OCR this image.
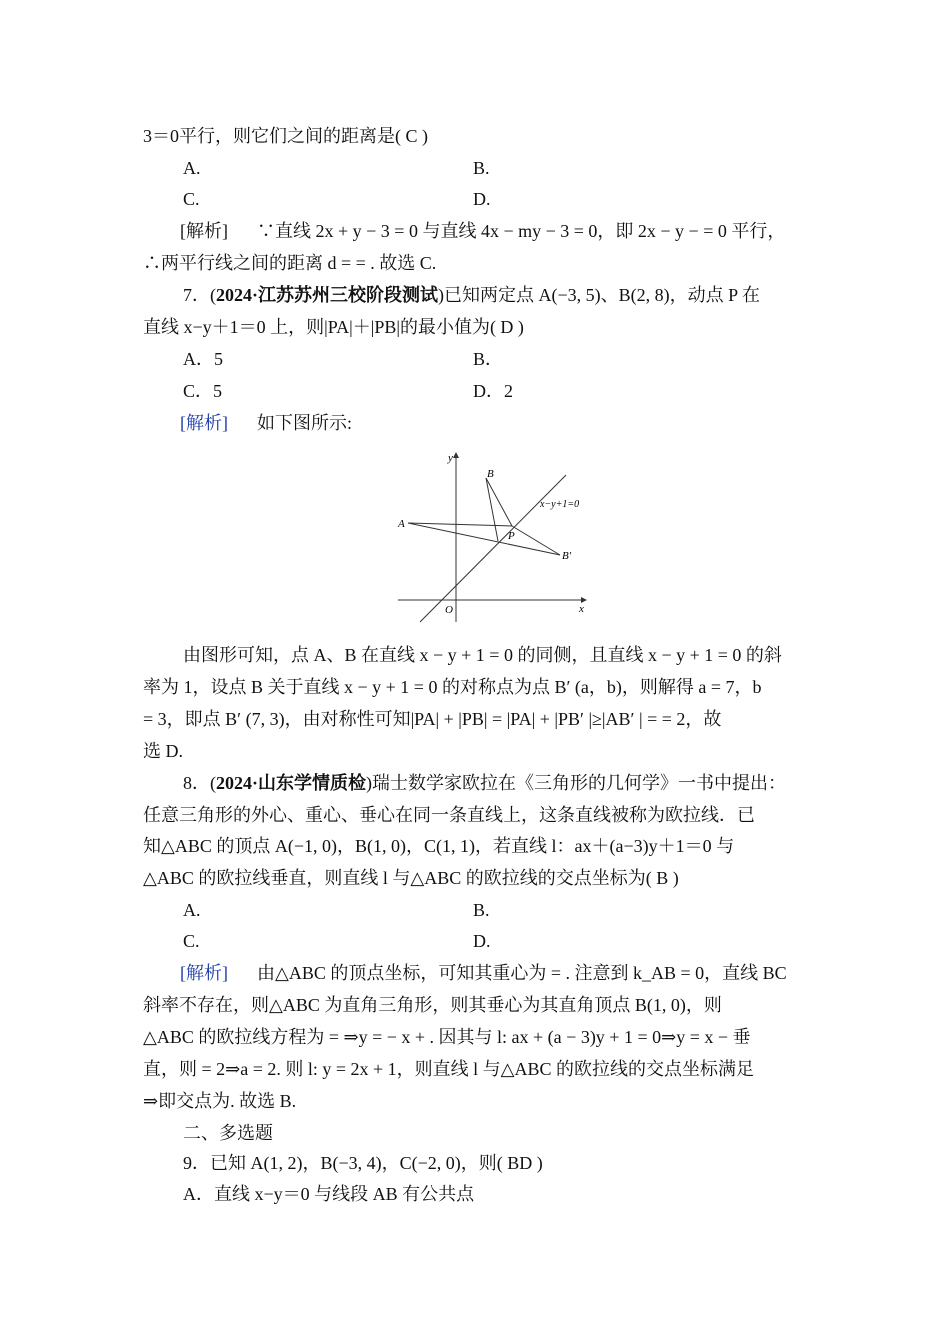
3＝0平行，则它们之间的距离是( C )
A.	B.
C.	D.
[解析] ∵直线 2x + y − 3 = 0 与直线 4x − my − 3 = 0，即 2x − y − = 0 平行，
∴两平行线之间的距离 d = = . 故选 C.
7．(2024·江苏苏州三校阶段测试)已知两定点 A(−3, 5)、B(2, 8)，动点 P 在
直线 x−y＋1＝0 上，则|PA|＋|PB|的最小值为( D )
A．5	B．
C．5	D．2
[解析] 如下图所示:
y
x
O
A
B
P
B′
x−y+1=0
由图形可知，点 A、B 在直线 x − y + 1 = 0 的同侧，且直线 x − y + 1 = 0 的斜
率为 1，设点 B 关于直线 x − y + 1 = 0 的对称点为点 B′ (a，b)，则解得 a = 7，b
= 3，即点 B′ (7, 3)，由对称性可知|PA| + |PB| = |PA| + |PB′ |≥|AB′ | = = 2，故
选 D.
8．(2024·山东学情质检)瑞士数学家欧拉在《三角形的几何学》一书中提出：
任意三角形的外心、重心、垂心在同一条直线上，这条直线被称为欧拉线．已
知△ABC 的顶点 A(−1, 0)，B(1, 0)，C(1, 1)，若直线 l：ax＋(a−3)y＋1＝0 与
△ABC 的欧拉线垂直，则直线 l 与△ABC 的欧拉线的交点坐标为( B )
A.	B.
C.	D.
[解析] 由△ABC 的顶点坐标，可知其重心为 = . 注意到 k_AB = 0，直线 BC
斜率不存在，则△ABC 为直角三角形，则其垂心为其直角顶点 B(1, 0)，则
△ABC 的欧拉线方程为 = ⇒y = − x + . 因其与 l: ax + (a − 3)y + 1 = 0⇒y = x − 垂
直，则 = 2⇒a = 2. 则 l: y = 2x + 1，则直线 l 与△ABC 的欧拉线的交点坐标满足
⇒即交点为. 故选 B.
二、多选题
9．已知 A(1, 2)，B(−3, 4)，C(−2, 0)，则( BD )
A．直线 x−y＝0 与线段 AB 有公共点
